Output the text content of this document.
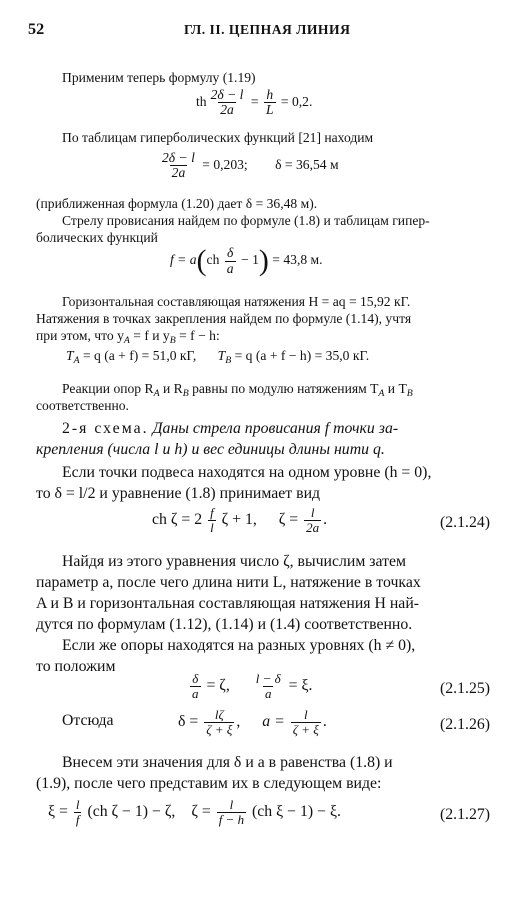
52	ГЛ. II. ЦЕПНАЯ ЛИНИЯ
Применим теперь формулу (1.19)
th $\frac{2\delta - l}{2a} = \frac{h}{L} = 0,2$.
По таблицам гиперболических функций [21] находим
$\frac{2\delta - l}{2a} = 0,203$; δ = 36,54 м
(приближенная формула (1.20) дает δ = 36,48 м).
Стрелу провисания найдем по формуле (1.8) и таблицам гипер-
болических функций
$f = a(ch \frac{\delta}{a} - 1) = 43,8$ м.
Горизонтальная составляющая натяжения H = aq = 15,92 кГ.
Натяжения в точках закрепления найдем по формуле (1.14), учтя
при этом, что $y_A = f$ и $y_B = f - h$:
$T_A = q$ (a + f) = 51,0 кГ, $T_B = q$ (a + f − h) = 35,0 кГ.
Реакции опор $R_A$ и $R_B$ равны по модулю натяжениям $T_A$ и $T_B$
соответственно.
2-я схема. Даны стрела провисания f точки за-
крепления (числа l и h) и вес единицы длины нити q.
Если точки подвеса находятся на одном уровне (h = 0),
то δ = l/2 и уравнение (1.8) принимает вид
ch $\zeta = 2 \frac{f}{l}$ ζ + 1, $\zeta = \frac{l}{2a}$ .	(2.1.24)
Найдя из этого уравнения число ζ, вычислим затем
параметр a, после чего длина нити L, натяжение в точках
A и B и горизонтальная составляющая натяжения H най-
дутся по формулам (1.12), (1.14) и (1.4) соответственно.
Если же опоры находятся на разных уровнях (h ≠ 0),
то положим
$\frac{\delta}{a} = \zeta$, $\frac{l - \delta}{a} = \xi$.	(2.1.25)
Отсюда	$\delta = \frac{l\zeta}{\zeta + \xi}$ , $a = \frac{l}{\zeta + \xi}$ .	(2.1.26)
Внесем эти значения для δ и a в равенства (1.8) и
(1.9), после чего представим их в следующем виде:
$\xi = \frac{l}{f} (ch$ ζ − 1) − ζ, $\zeta = \frac{l}{f - h} (ch$ ξ − 1) − ξ.	(2.1.27)
